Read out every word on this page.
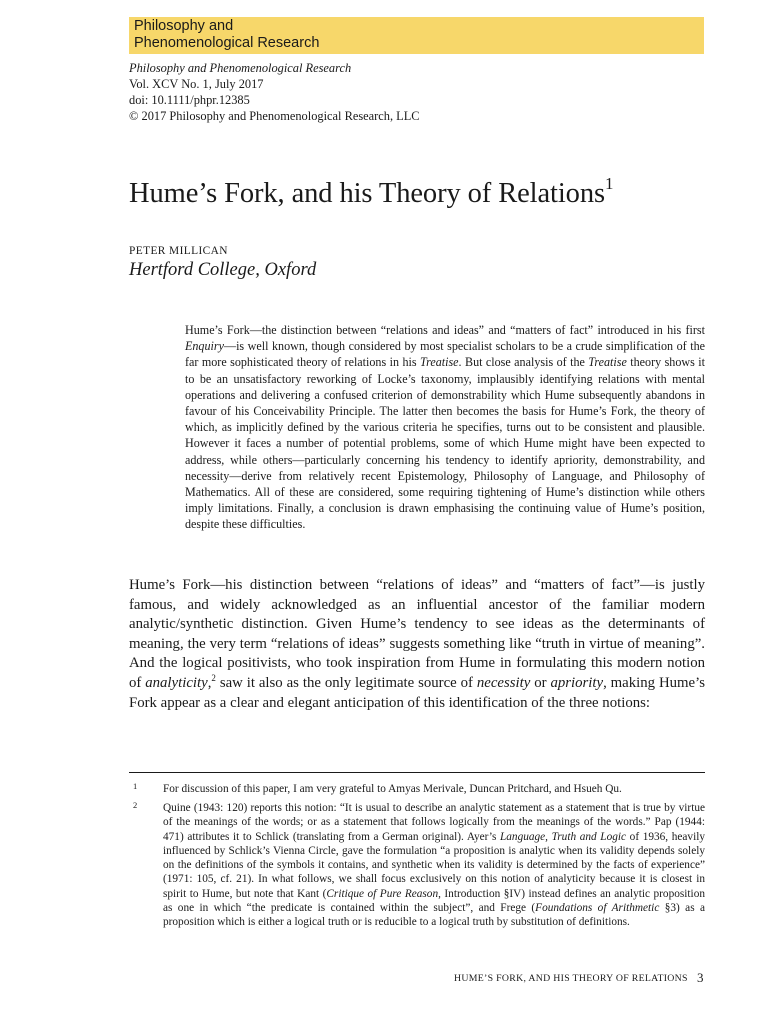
Philosophy and
Phenomenological Research
Philosophy and Phenomenological Research
Vol. XCV No. 1, July 2017
doi: 10.1111/phpr.12385
© 2017 Philosophy and Phenomenological Research, LLC
Hume’s Fork, and his Theory of Relations$^1$
PETER MILLICAN
Hertford College, Oxford

Hume’s Fork—the distinction between “relations and ideas” and “matters of fact” introduced in his first Enquiry—is well known, though considered by most specialist scholars to be a crude simplification of the far more sophisticated theory of relations in his Treatise. But close analysis of the Treatise theory shows it to be an unsatisfactory reworking of Locke’s taxonomy, implausibly identifying relations with mental operations and delivering a confused criterion of demonstrability which Hume subsequently abandons in favour of his Conceivability Principle. The latter then becomes the basis for Hume’s Fork, the theory of which, as implicitly defined by the various criteria he specifies, turns out to be consistent and plausible. However it faces a number of potential problems, some of which Hume might have been expected to address, while others—particularly concerning his tendency to identify apriority, demonstrability, and necessity—derive from relatively recent Epistemology, Philosophy of Language, and Philosophy of Mathematics. All of these are considered, some requiring tightening of Hume’s distinction while others imply limitations. Finally, a conclusion is drawn emphasising the continuing value of Hume’s position, despite these difficulties.

Hume’s Fork—his distinction between “relations of ideas” and “matters of fact”—is justly famous, and widely acknowledged as an influential ancestor of the familiar modern analytic/synthetic distinction. Given Hume’s tendency to see ideas as the determinants of meaning, the very term “relations of ideas” suggests something like “truth in virtue of meaning”. And the logical positivists, who took inspiration from Hume in formulating this modern notion of analyticity,$^2$ saw it also as the only legitimate source of necessity or apriority, making Hume’s Fork appear as a clear and elegant anticipation of this identification of the three notions:

1 For discussion of this paper, I am very grateful to Amyas Merivale, Duncan Pritchard, and Hsueh Qu.
2 Quine (1943: 120) reports this notion: “It is usual to describe an analytic statement as a statement that is true by virtue of the meanings of the words; or as a statement that follows logically from the meanings of the words.” Pap (1944: 471) attributes it to Schlick (translating from a German original). Ayer’s Language, Truth and Logic of 1936, heavily influenced by Schlick’s Vienna Circle, gave the formulation “a proposition is analytic when its validity depends solely on the definitions of the symbols it contains, and synthetic when its validity is determined by the facts of experience” (1971: 105, cf. 21). In what follows, we shall focus exclusively on this notion of analyticity because it is closest in spirit to Hume, but note that Kant (Critique of Pure Reason, Introduction §IV) instead defines an analytic proposition as one in which “the predicate is contained within the subject”, and Frege (Foundations of Arithmetic §3) as a proposition which is either a logical truth or is reducible to a logical truth by substitution of definitions.
HUME’S FORK, AND HIS THEORY OF RELATIONS 3
